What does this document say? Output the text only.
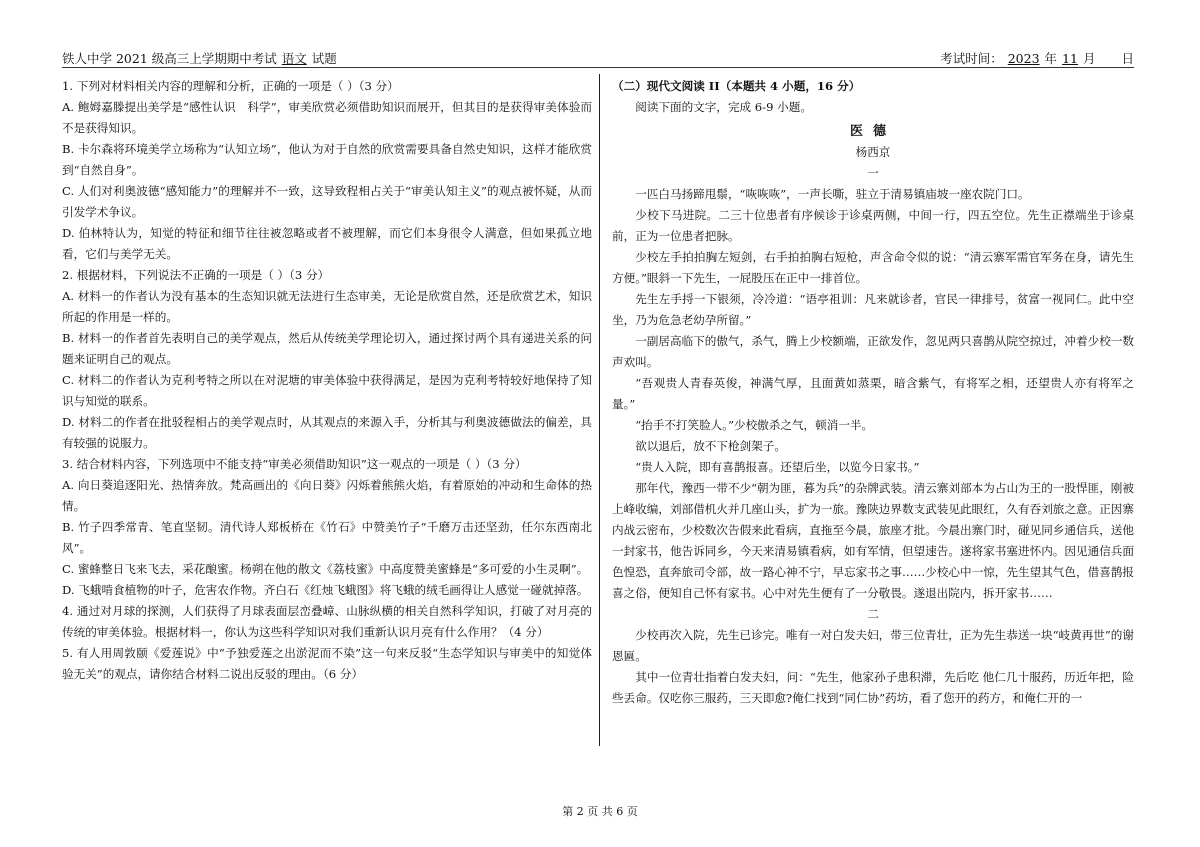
铁人中学 2021 级高三上学期期中考试 语文 试题	考试时间： 2023 年 11 月 日

1. 下列对材料相关内容的理解和分析，正确的一项是（ ）（3 分）

A. 鲍姆嘉滕提出美学是“感性认识　科学”，审美欣赏必须借助知识而展开，但其目的是获得审美体验而不是获得知识。

B. 卡尔森将环境美学立场称为“认知立场”，他认为对于自然的欣赏需要具备自然史知识，这样才能欣赏到“自然自身”。

C. 人们对利奥波德“感知能力”的理解并不一致，这导致程相占关于“审美认知主义”的观点被怀疑，从而引发学术争议。

D. 伯林特认为，知觉的特征和细节往往被忽略或者不被理解，而它们本身很令人满意，但如果孤立地看，它们与美学无关。

2. 根据材料，下列说法不正确的一项是（ ）（3 分）

A. 材料一的作者认为没有基本的生态知识就无法进行生态审美，无论是欣赏自然，还是欣赏艺术，知识所起的作用是一样的。

B. 材料一的作者首先表明自己的美学观点，然后从传统美学理论切入，通过探讨两个具有递进关系的问题来证明自己的观点。

C. 材料二的作者认为克利考特之所以在对泥塘的审美体验中获得满足，是因为克利考特较好地保持了知识与知觉的联系。

D. 材料二的作者在批驳程相占的美学观点时，从其观点的来源入手，分析其与利奥波德做法的偏差，具有较强的说服力。

3. 结合材料内容，下列选项中不能支持“审美必须借助知识”这一观点的一项是（ ）（3 分）

A. 向日葵追逐阳光、热情奔放。梵高画出的《向日葵》闪烁着熊熊火焰，有着原始的冲动和生命体的热情。

B. 竹子四季常青、笔直坚韧。清代诗人郑板桥在《竹石》中赞美竹子“千磨万击还坚劲，任尔东西南北风”。

C. 蜜蜂整日飞来飞去，采花酿蜜。杨朔在他的散文《荔枝蜜》中高度赞美蜜蜂是“多可爱的小生灵啊”。

D. 飞蛾啃食植物的叶子，危害农作物。齐白石《红烛飞蛾图》将飞蛾的绒毛画得让人感觉一碰就掉落。

4. 通过对月球的探测，人们获得了月球表面层峦叠嶂、山脉纵横的相关自然科学知识，打破了对月亮的传统的审美体验。根据材料一，你认为这些科学知识对我们重新认识月亮有什么作用？（4 分）

5. 有人用周敦颐《爱莲说》中“予独爱莲之出淤泥而不染”这一句来反驳“生态学知识与审美中的知觉体验无关”的观点，请你结合材料二说出反驳的理由。（6 分）

（二）现代文阅读 II（本题共 4 小题，16 分）

阅读下面的文字，完成 6-9 小题。

医德

杨西京

一

一匹白马扬蹄甩鬃，“咴咴咴”，一声长嘶，驻立于清易镇庙坡一座农院门口。

少校下马进院。二三十位患者有序候诊于诊桌两侧，中间一行，四五空位。先生正襟端坐于诊桌前，正为一位患者把脉。

少校左手拍拍胸左短剑，右手拍拍胸右短枪，声含命令似的说：“清云寨军需官军务在身，请先生方便。”眼斜一下先生，一屁股压在正中一排首位。

先生左手捋一下银须，冷冷道：“语亭祖训：凡来就诊者，官民一律排号，贫富一视同仁。此中空坐，乃为危急老幼孕所留。”

一副居高临下的傲气，杀气，腾上少校额端，正欲发作，忽见两只喜鹊从院空掠过，冲着少校一数声欢叫。

“吾观贵人青春英俊，神满气厚，且面黄如蒸栗，暗含紫气，有将军之相，还望贵人亦有将军之量。”

“抬手不打笑脸人。”少校傲杀之气，顿消一半。

欲以退后，放不下枪剑架子。

“贵人入院，即有喜鹊报喜。还望后坐，以览今日家书。”

那年代，豫西一带不少“朝为匪，暮为兵”的杂牌武装。清云寨刘部本为占山为王的一股悍匪，刚被上峰收编，刘部借机火并几座山头，扩为一旅。豫陕边界数支武装见此眼红，久有吞刘旅之意。正因寨内战云密布，少校数次告假来此看病，直拖至今晨，旅座才批。今晨出寨门时，碰见同乡通信兵，送他一封家书，他告诉同乡，今天来清易镇看病，如有军情，但望速告。遂将家书塞进怀内。因见通信兵面色惶恐，直奔旅司令部，故一路心神不宁，早忘家书之事……少校心中一惊，先生望其气色，借喜鹊报喜之俗，便知自己怀有家书。心中对先生便有了一分敬畏。遂退出院内，拆开家书……

二

少校再次入院，先生已诊完。唯有一对白发夫妇，带三位青壮，正为先生恭送一块“岐黄再世”的谢恩匾。

其中一位青壮指着白发夫妇，问：“先生，他家孙子患积滞，先后吃 他仁几十服药，历近年把，险些丢命。仅吃你三服药，三天即愈?俺仁找到“同仁协”药坊，看了您开的药方，和俺仁开的一

第 2 页 共 6 页
